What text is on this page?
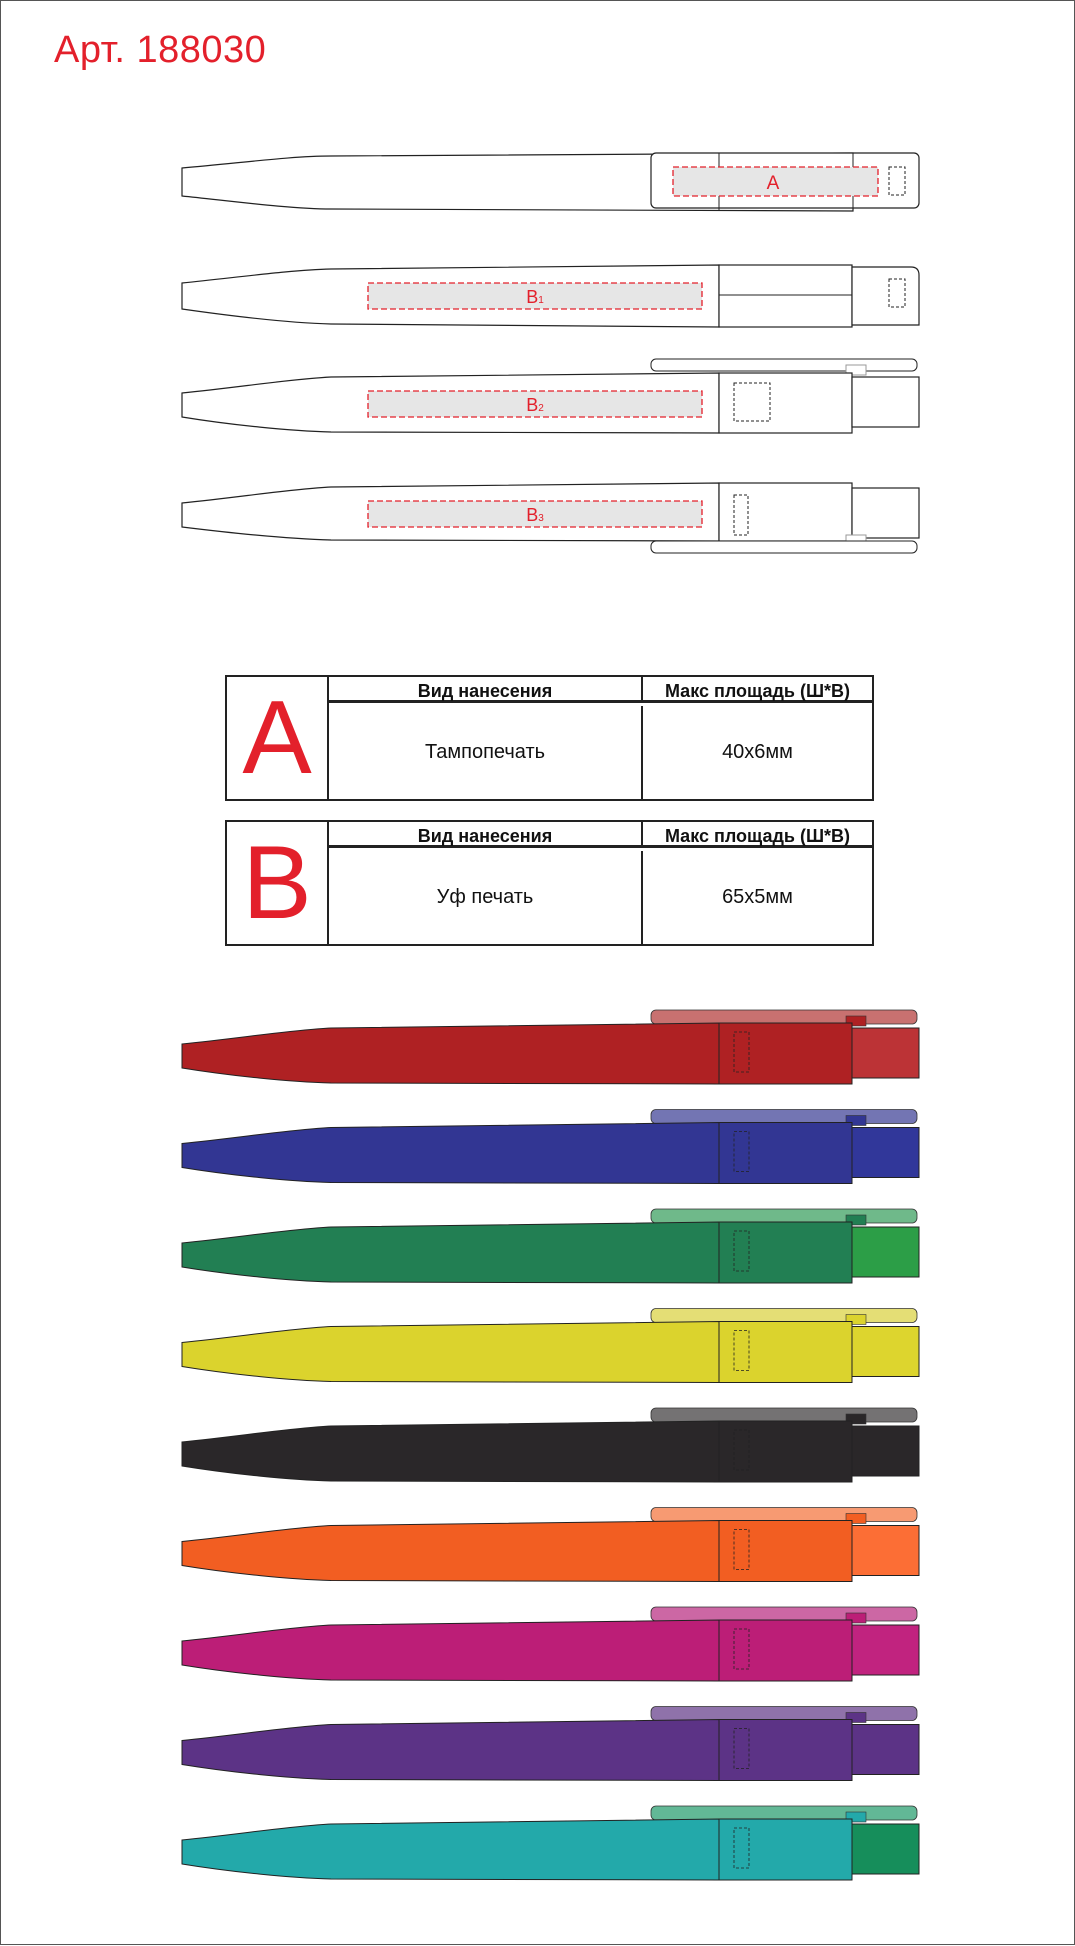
Арт. 188030
A
B1
B2
B3
A	Вид нанесения	Макс площадь (Ш*В)
Тампопечать	40х6мм
B	Вид нанесения	Макс площадь (Ш*В)
Уф печать	65х5мм
